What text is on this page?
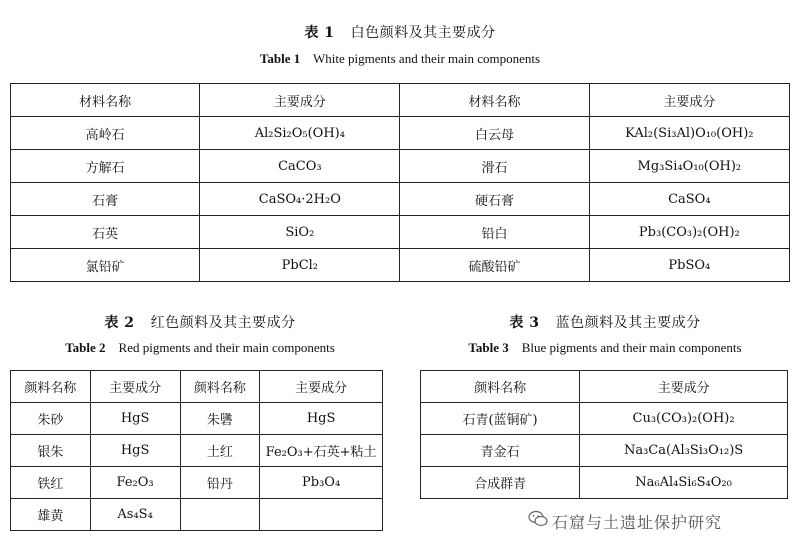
表 1 白色颜料及其主要成分
Table 1 White pigments and their main components
材料名称	主要成分	材料名称	主要成分
高岭石	Al₂Si₂O₅(OH)₄	白云母	KAl₂(Si₃Al)O₁₀(OH)₂
方解石	CaCO₃	滑石	Mg₃Si₄O₁₀(OH)₂
石膏	CaSO₄·2H₂O	硬石膏	CaSO₄
石英	SiO₂	铅白	Pb₃(CO₃)₂(OH)₂
氯铅矿	PbCl₂	硫酸铅矿	PbSO₄
表 2 红色颜料及其主要成分
Table 2 Red pigments and their main components
颜料名称	主要成分	颜料名称	主要成分
朱砂	HgS	朱䃧	HgS
银朱	HgS	土红	Fe₂O₃+石英+粘土
铁红	Fe₂O₃	铅丹	Pb₃O₄
雄黄	As₄S₄		
表 3 蓝色颜料及其主要成分
Table 3 Blue pigments and their main components
颜料名称	主要成分
石青(蓝铜矿)	Cu₃(CO₃)₂(OH)₂
青金石	Na₃Ca(Al₃Si₃O₁₂)S
合成群青	Na₆Al₄Si₆S₄O₂₀
石窟与土遗址保护研究
